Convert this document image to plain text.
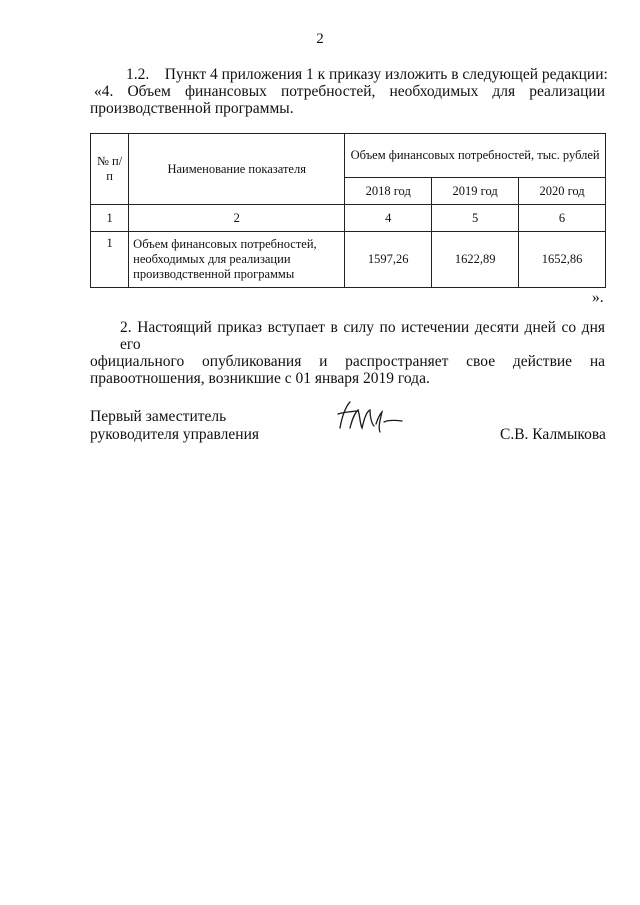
2
1.2.    Пункт 4 приложения 1 к приказу изложить в следующей редакции:
«4. Объем финансовых потребностей, необходимых для реализации
производственной программы.
№ п/п	Наименование показателя	Объем финансовых потребностей, тыс. рублей		
		2018 год	2019 год	2020 год
1	2	4	5	6
1	Объем финансовых потребностей, необходимых для реализации производственной программы	1597,26	1622,89	1652,86
».
2. Настоящий приказ вступает в силу по истечении десяти дней со дня его
официального опубликования и распространяет свое действие на
правоотношения, возникшие с 01 января 2019 года.
Первый заместитель
руководителя управления	С.В. Калмыкова
